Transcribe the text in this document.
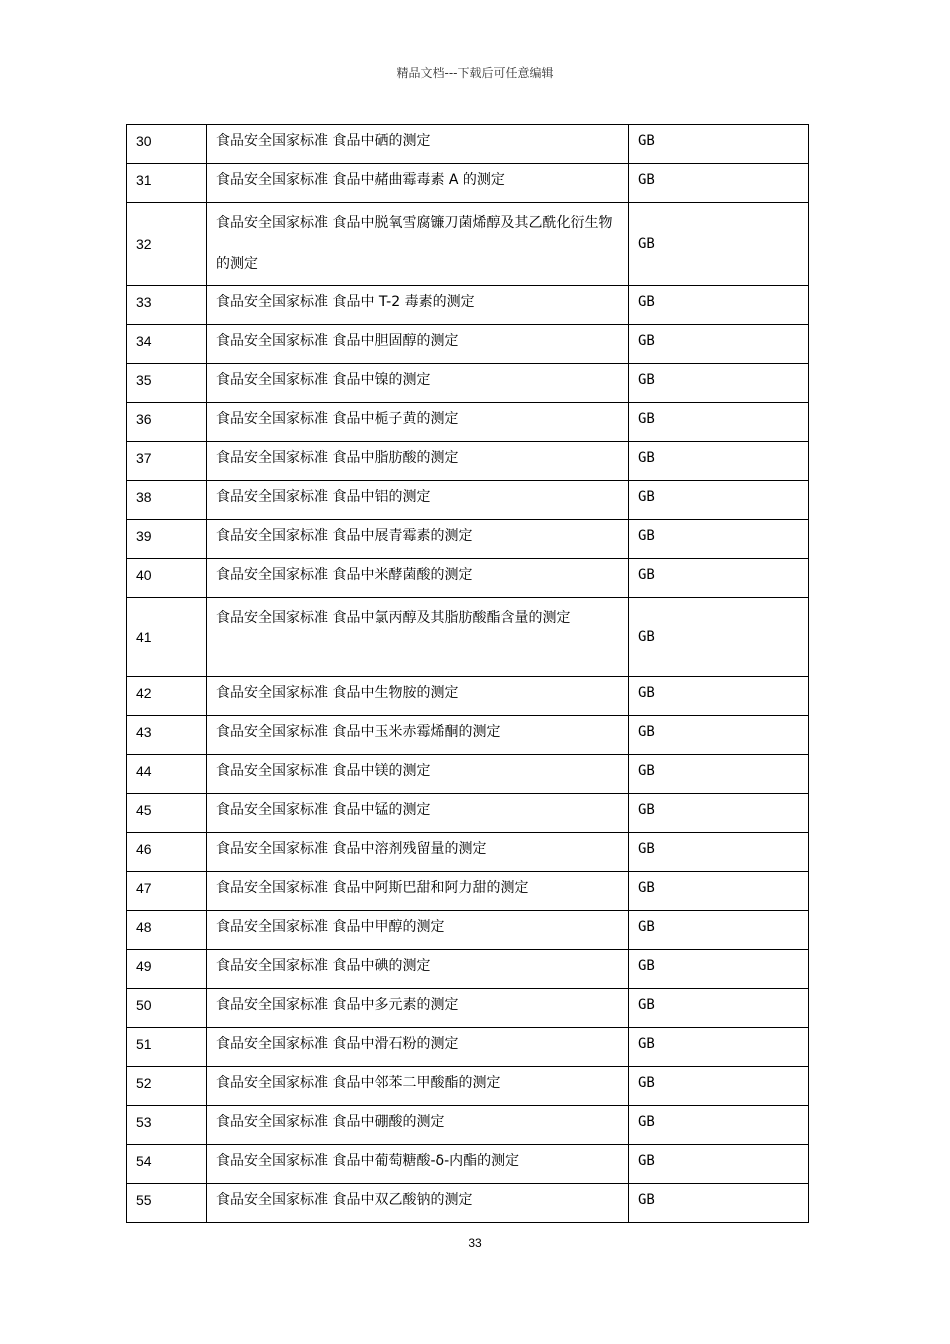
精品文档---下载后可任意编辑
30	食品安全国家标准 食品中硒的测定	GB
31	食品安全国家标准 食品中赭曲霉毒素 A 的测定	GB
32	食品安全国家标准 食品中脱氧雪腐镰刀菌烯醇及其乙酰化衍生物的测定	GB
33	食品安全国家标准 食品中 T-2 毒素的测定	GB
34	食品安全国家标准 食品中胆固醇的测定	GB
35	食品安全国家标准 食品中镍的测定	GB
36	食品安全国家标准 食品中栀子黄的测定	GB
37	食品安全国家标准 食品中脂肪酸的测定	GB
38	食品安全国家标准 食品中铝的测定	GB
39	食品安全国家标准 食品中展青霉素的测定	GB
40	食品安全国家标准 食品中米酵菌酸的测定	GB
41	食品安全国家标准 食品中氯丙醇及其脂肪酸酯含量的测定	GB
42	食品安全国家标准 食品中生物胺的测定	GB
43	食品安全国家标准 食品中玉米赤霉烯酮的测定	GB
44	食品安全国家标准 食品中镁的测定	GB
45	食品安全国家标准 食品中锰的测定	GB
46	食品安全国家标准 食品中溶剂残留量的测定	GB
47	食品安全国家标准 食品中阿斯巴甜和阿力甜的测定	GB
48	食品安全国家标准 食品中甲醇的测定	GB
49	食品安全国家标准 食品中碘的测定	GB
50	食品安全国家标准 食品中多元素的测定	GB
51	食品安全国家标准 食品中滑石粉的测定	GB
52	食品安全国家标准 食品中邻苯二甲酸酯的测定	GB
53	食品安全国家标准 食品中硼酸的测定	GB
54	食品安全国家标准 食品中葡萄糖酸-δ-内酯的测定	GB
55	食品安全国家标准 食品中双乙酸钠的测定	GB
33
